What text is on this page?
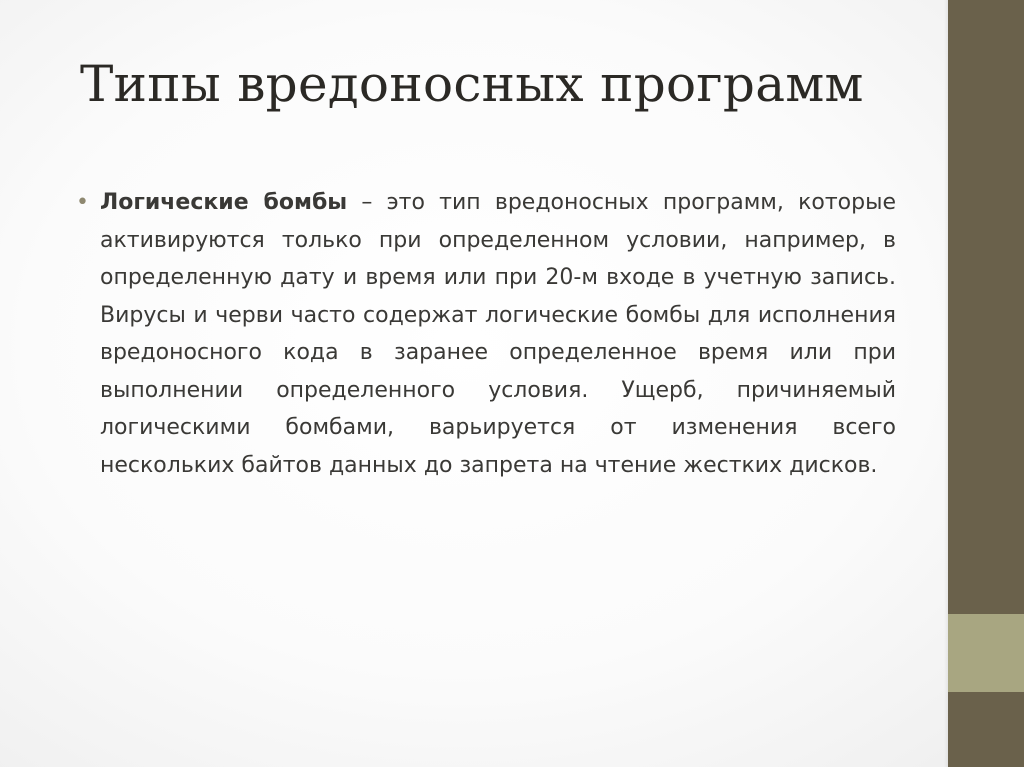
Типы вредоносных программ
• Логические бомбы – это тип вредоносных программ, которые активируются только при определенном условии, например, в определенную дату и время или при 20-м входе в учетную запись. Вирусы и черви часто содержат логические бомбы для исполнения вредоносного кода в заранее определенное время или при выполнении определенного условия. Ущерб, причиняемый логическими бомбами, варьируется от изменения всего нескольких байтов данных до запрета на чтение жестких дисков.
